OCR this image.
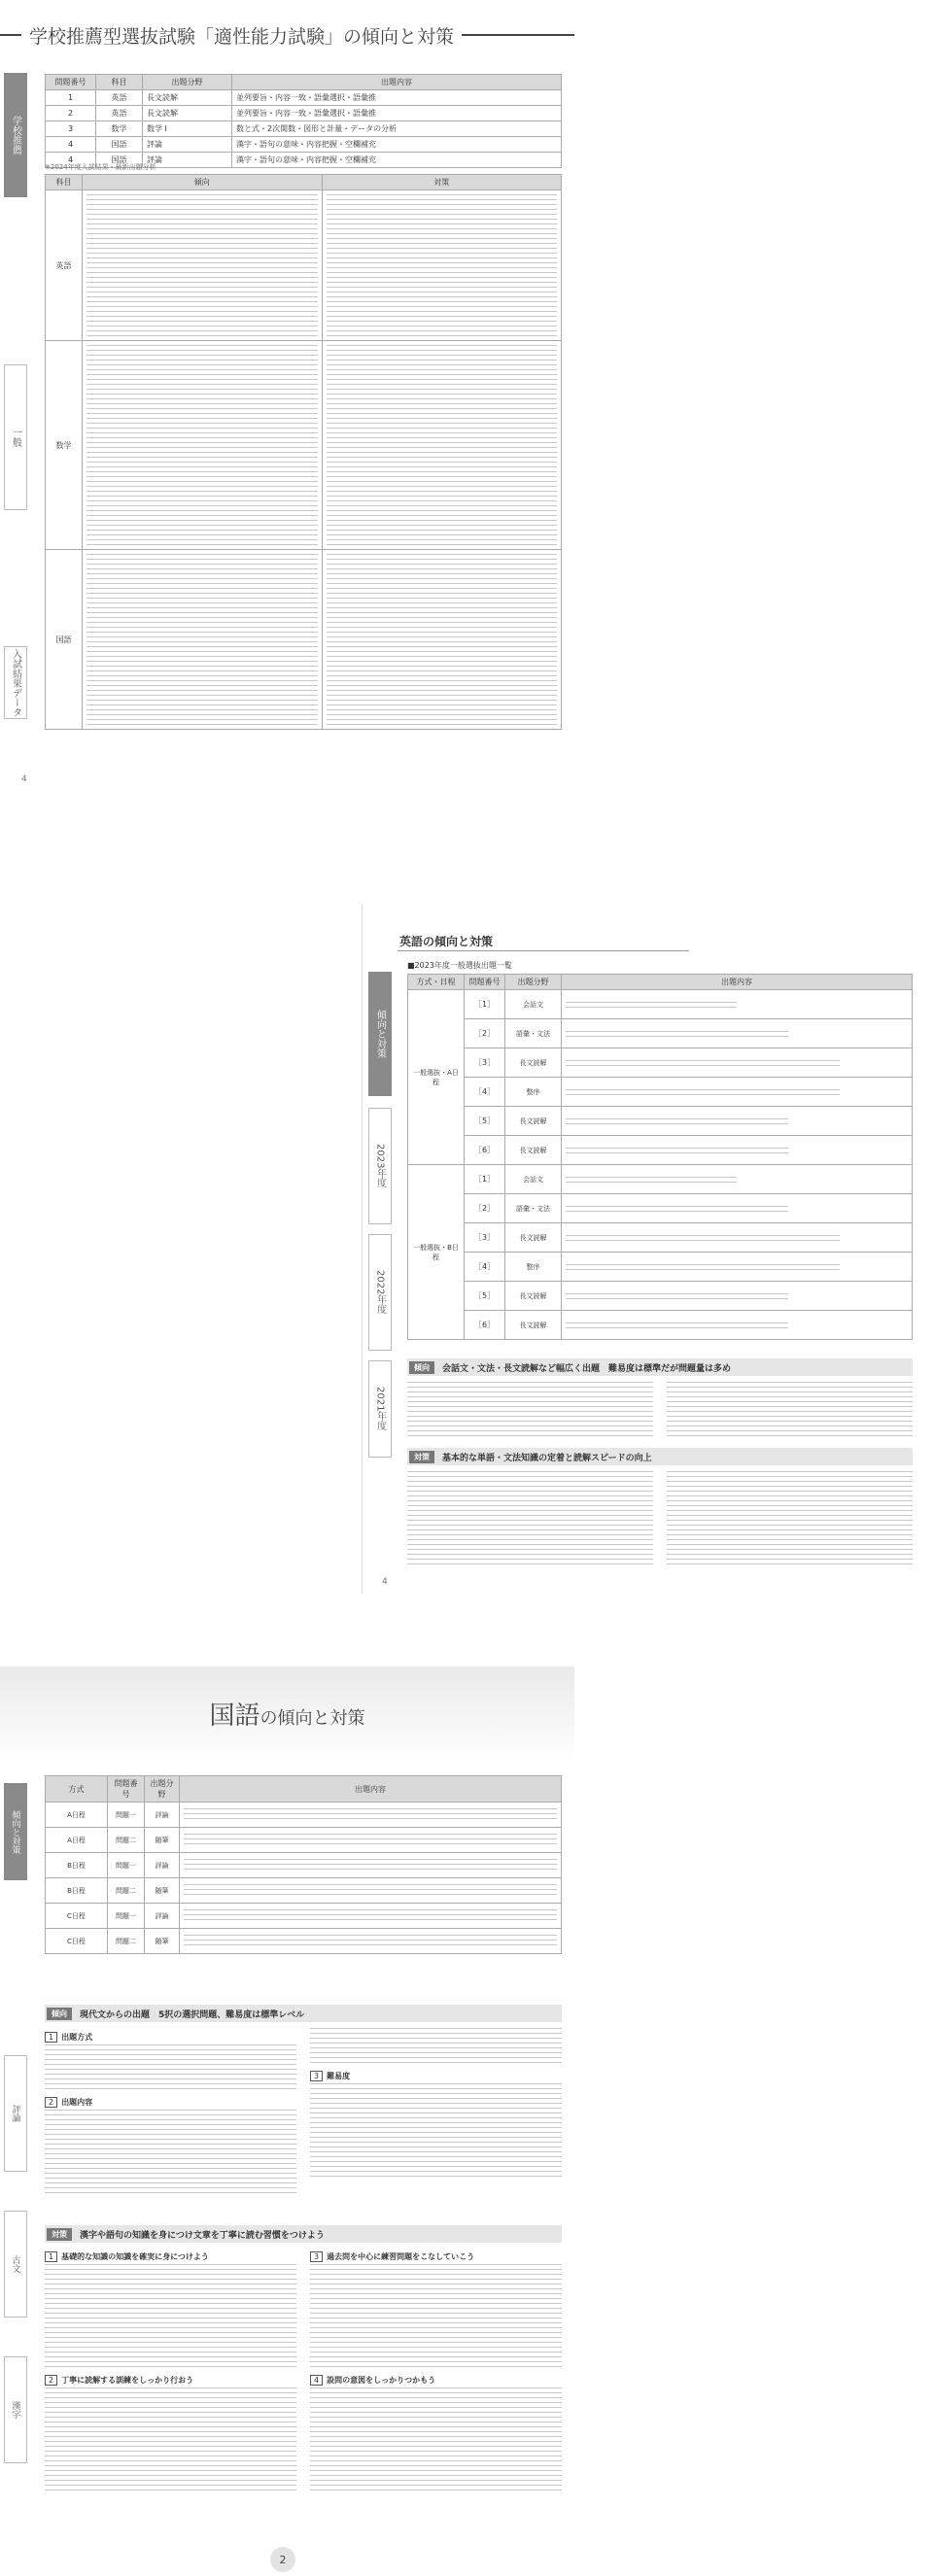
学校推薦型選抜試験「適性能力試験」の傾向と対策
学校推薦
一般
入試結果データ
問題番号	科目	出題分野	出題内容
1	英語	長文読解	並列要旨・内容一致・語彙選択・語彙推
2	英語	長文読解	並列要旨・内容一致・語彙選択・語彙推
3	数学	数学 I	数と式・2次関数・図形と計量・データの分析
4	国語	評論	漢字・語句の意味・内容把握・空欄補充
4	国語	評論	漢字・語句の意味・内容把握・空欄補充
※2024年度入試結果・最新出題分析
科目	傾向	対策
英語	

数学	

国語	

4
英語の傾向と対策
■2023年度一般選抜出題一覧
傾向と対策
2023年度
2022年度
2021年度
方式・日程	問題番号	出題分野	出題内容
一般選抜・A日程	［1］	会話文	

	［2］	語彙・文法	

	［3］	長文読解	

	［4］	整序	

	［5］	長文読解	

	［6］	長文読解	

一般選抜・B日程	［1］	会話文	

	［2］	語彙・文法	

	［3］	長文読解	

	［4］	整序	

	［5］	長文読解	

	［6］	長文読解	
傾向	会話文・文法・長文読解など幅広く出題　難易度は標準だが問題量は多め
対策	基本的な単語・文法知識の定着と読解スピードの向上
4
国語の傾向と対策
傾向と対策
評論
古文
漢字
方式	問題番号	出題分野	出題内容
A日程	問題一	評論	

A日程	問題二	随筆	

B日程	問題一	評論	

B日程	問題二	随筆	

C日程	問題一	評論	

C日程	問題二	随筆	
傾向	現代文からの出題　5択の選択問題、難易度は標準レベル
1 出題方式
2 出題内容
3 難易度
対策	漢字や語句の知識を身につけ文章を丁寧に読む習慣をつけよう
1 基礎的な知識の知識を確実に身につけよう
2 丁寧に読解する訓練をしっかり行おう
3 過去問を中心に練習問題をこなしていこう
4 設問の意図をしっかりつかもう
2
